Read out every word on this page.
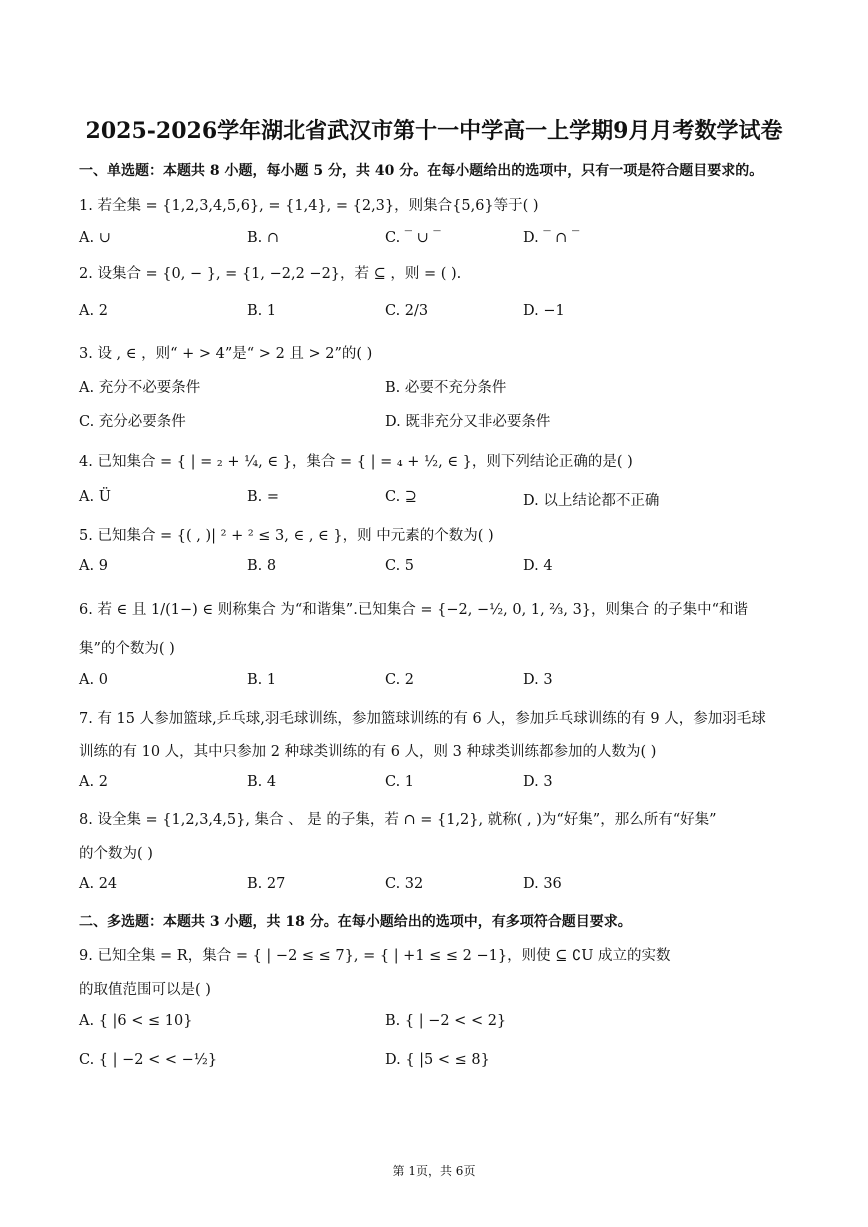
2025-2026学年湖北省武汉市第十一中学高一上学期9月月考数学试卷
一、单选题：本题共 8 小题，每小题 5 分，共 40 分。在每小题给出的选项中，只有一项是符合题目要求的。
1. 若全集 = {1,2,3,4,5,6}, = {1,4}, = {2,3}，则集合{5,6}等于( )
A. ∪	B. ∩	C. ‾ ∪ ‾	D. ‾ ∩ ‾
2. 设集合 = {0, − }, = {1, −2,2 −2}，若 ⊆ ，则 = ( ).
A. 2	B. 1	C. 2/3	D. −1
3. 设 , ∈ ，则“ + > 4”是“ > 2 且 > 2”的( )
A. 充分不必要条件	B. 必要不充分条件
C. 充分必要条件	D. 既非充分又非必要条件
4. 已知集合 = { | = ₂ + ¼, ∈ }，集合 = { | = ₄ + ½, ∈ }，则下列结论正确的是( )
A. Ü	B. =	C. ⊇	D. 以上结论都不正确
5. 已知集合 = {( , )| ² + ² ≤ 3, ∈ , ∈ }，则 中元素的个数为( )
A. 9	B. 8	C. 5	D. 4
6. 若 ∈ 且 1/(1−) ∈ 则称集合 为“和谐集”.已知集合 = {−2, −½, 0, 1, ⅔, 3}，则集合 的子集中“和谐
集”的个数为( )
A. 0	B. 1	C. 2	D. 3
7. 有 15 人参加篮球,乒乓球,羽毛球训练，参加篮球训练的有 6 人，参加乒乓球训练的有 9 人，参加羽毛球
训练的有 10 人，其中只参加 2 种球类训练的有 6 人，则 3 种球类训练都参加的人数为( )
A. 2	B. 4	C. 1	D. 3
8. 设全集 = {1,2,3,4,5}, 集合 、 是 的子集，若 ∩ = {1,2}, 就称( , )为“好集”，那么所有“好集”
的个数为( )
A. 24	B. 27	C. 32	D. 36
二、多选题：本题共 3 小题，共 18 分。在每小题给出的选项中，有多项符合题目要求。
9. 已知全集 = R，集合 = { | −2 ≤ ≤ 7}, = { | +1 ≤ ≤ 2 −1}，则使 ⊆ ∁U 成立的实数
的取值范围可以是( )
A. { |6 < ≤ 10}	B. { | −2 < < 2}
C. { | −2 < < −½}	D. { |5 < ≤ 8}
第 1页，共 6页
